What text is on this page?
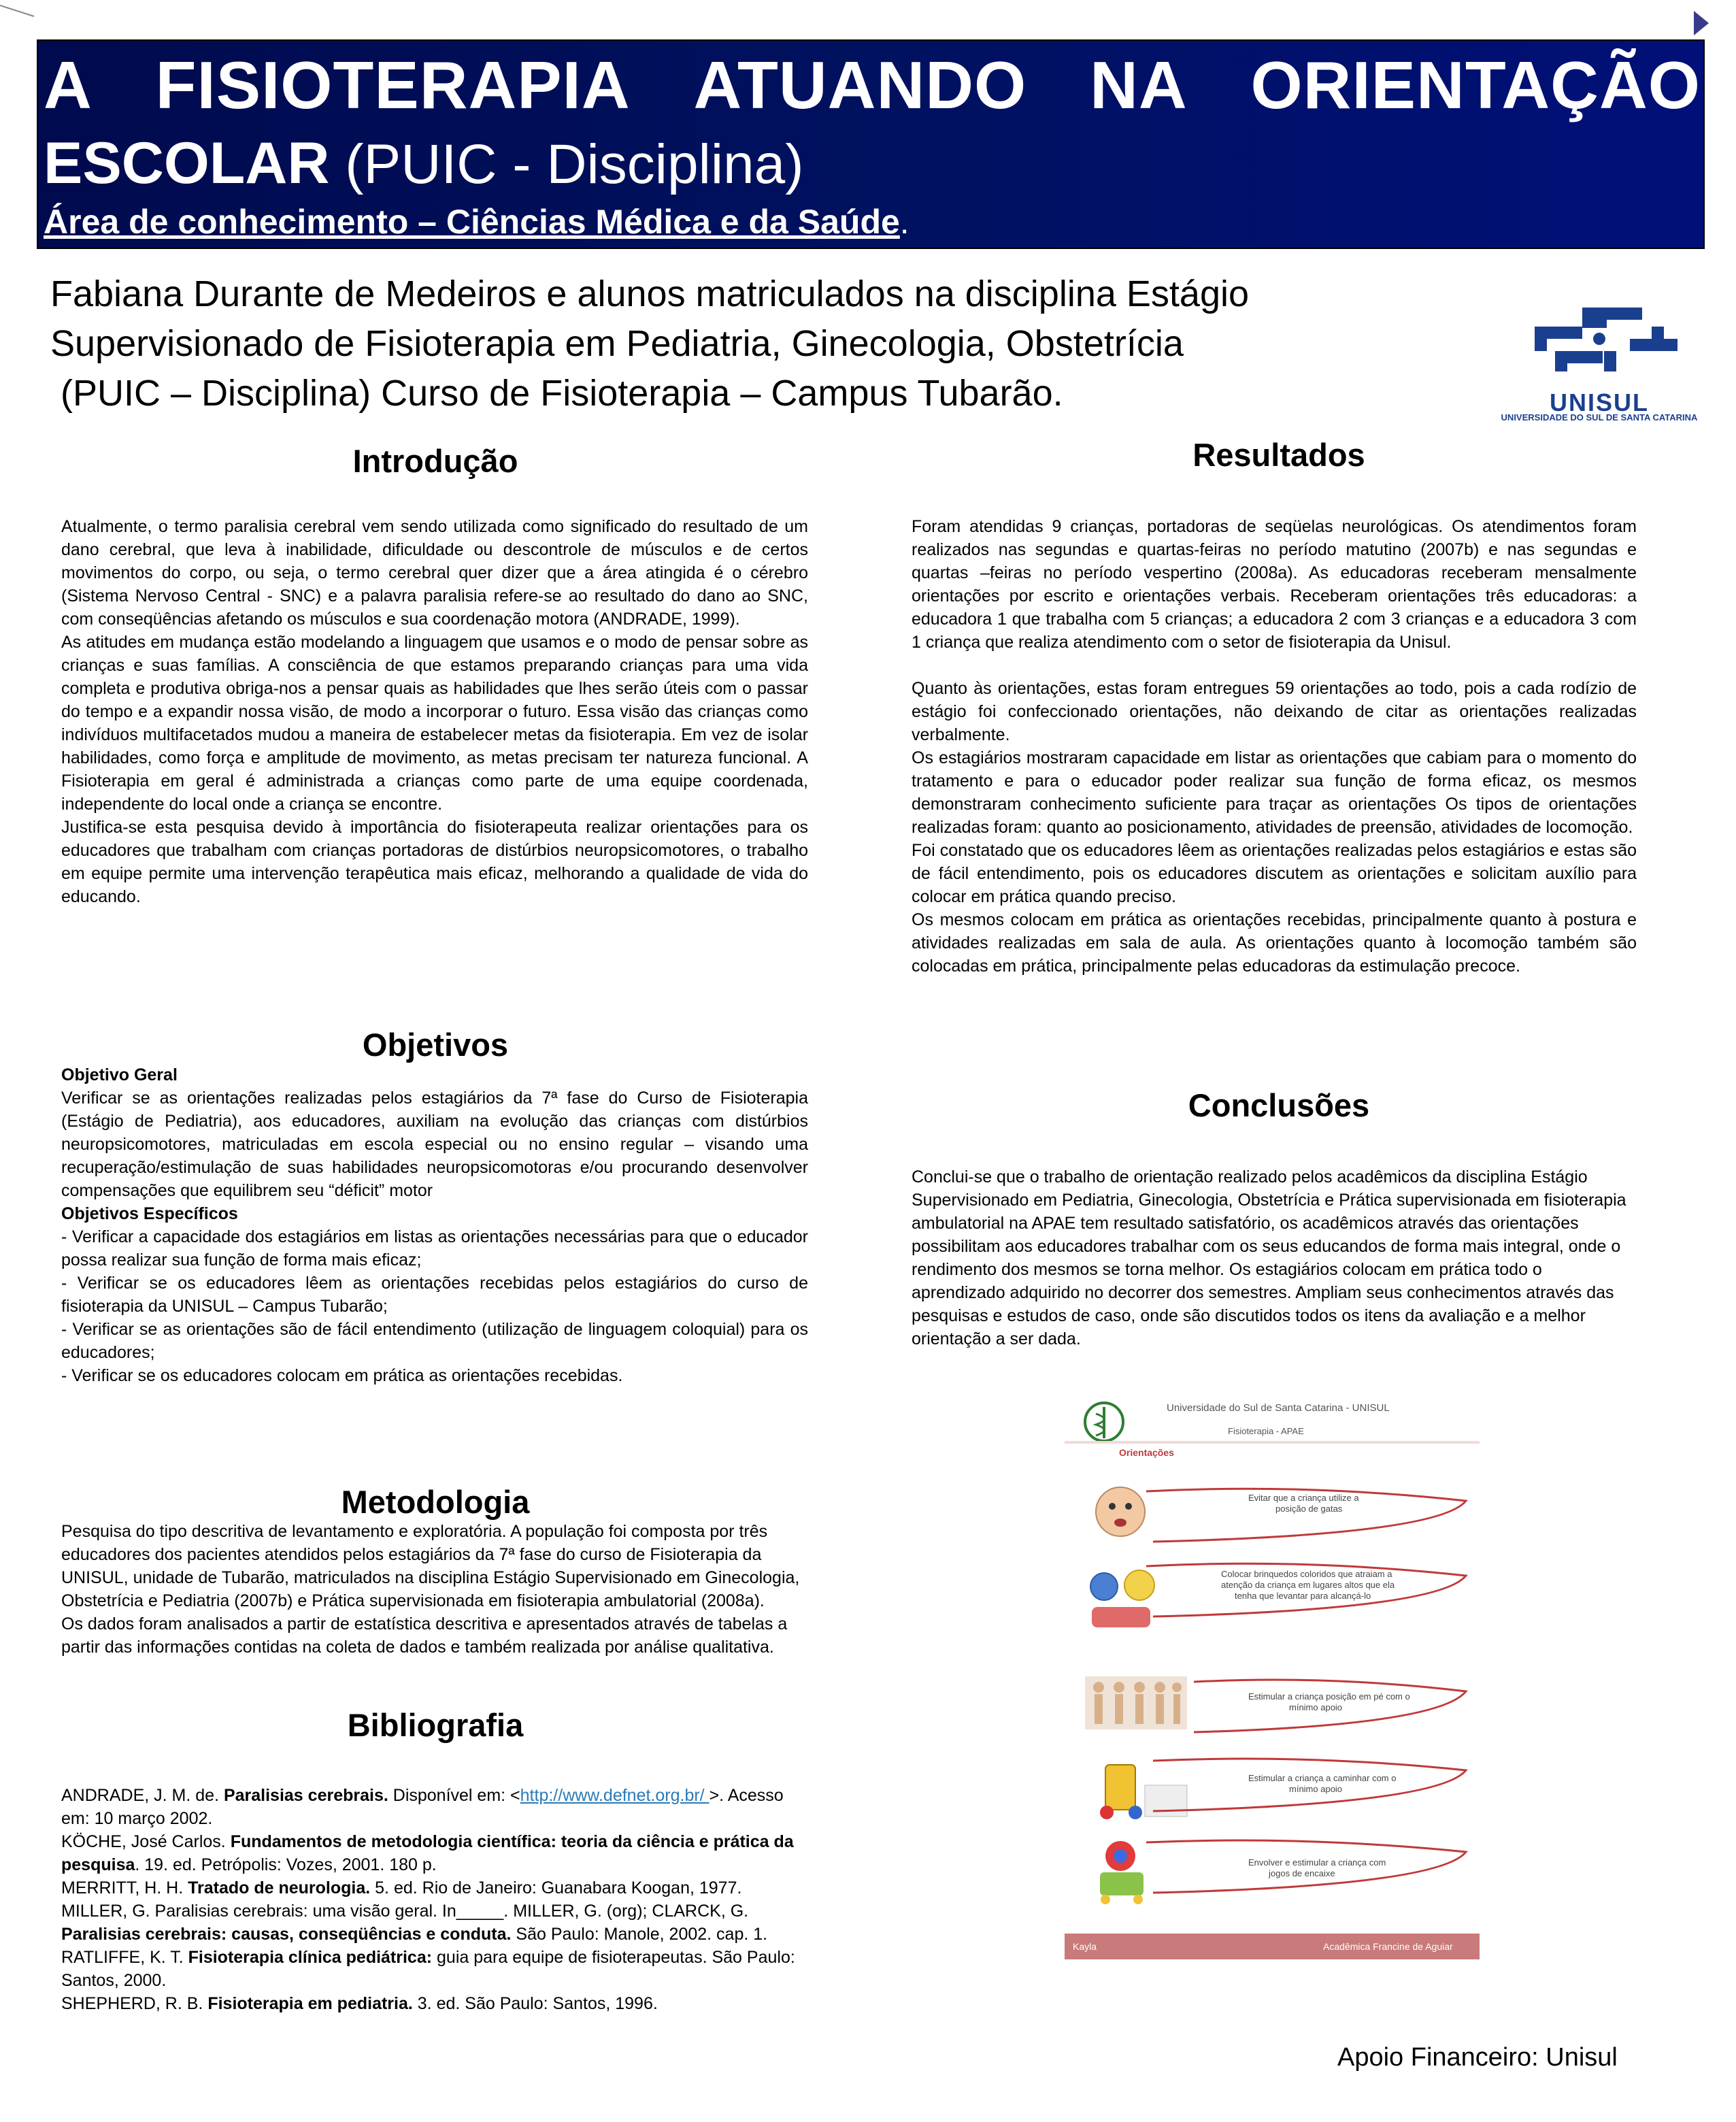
A FISIOTERAPIA ATUANDO NA ORIENTAÇÃO
ESCOLAR (PUIC - Disciplina)
Área de conhecimento – Ciências Médica e da Saúde.
Fabiana Durante de Medeiros e alunos matriculados na disciplina Estágio
Supervisionado de Fisioterapia em Pediatria, Ginecologia, Obstetrícia
(PUIC – Disciplina) Curso de Fisioterapia – Campus Tubarão.	UNISUL
UNIVERSIDADE DO SUL DE SANTA CATARINA
Introdução

Atualmente, o termo paralisia cerebral vem sendo utilizada como significado do resultado de um dano cerebral, que leva à inabilidade, dificuldade ou descontrole de músculos e de certos movimentos do corpo, ou seja, o termo cerebral quer dizer que a área atingida é o cérebro (Sistema Nervoso Central - SNC) e a palavra paralisia refere-se ao resultado do dano ao SNC, com conseqüências afetando os músculos e sua coordenação motora (ANDRADE, 1999).

As atitudes em mudança estão modelando a linguagem que usamos e o modo de pensar sobre as crianças e suas famílias. A consciência de que estamos preparando crianças para uma vida completa e produtiva obriga-nos a pensar quais as habilidades que lhes serão úteis com o passar do tempo e a expandir nossa visão, de modo a incorporar o futuro. Essa visão das crianças como indivíduos multifacetados mudou a maneira de estabelecer metas da fisioterapia. Em vez de isolar habilidades, como força e amplitude de movimento, as metas precisam ter natureza funcional. A Fisioterapia em geral é administrada a crianças como parte de uma equipe coordenada, independente do local onde a criança se encontre.

Justifica-se esta pesquisa devido à importância do fisioterapeuta realizar orientações para os educadores que trabalham com crianças portadoras de distúrbios neuropsicomotores, o trabalho em equipe permite uma intervenção terapêutica mais eficaz, melhorando a qualidade de vida do educando.

Objetivos

Objetivo Geral

Verificar se as orientações realizadas pelos estagiários da 7ª fase do Curso de Fisioterapia (Estágio de Pediatria), aos educadores, auxiliam na evolução das crianças com distúrbios neuropsicomotores, matriculadas em escola especial ou no ensino regular – visando uma recuperação/estimulação de suas habilidades neuropsicomotoras e/ou procurando desenvolver compensações que equilibrem seu “déficit” motor

Objetivos Específicos

- Verificar a capacidade dos estagiários em listas as orientações necessárias para que o educador possa realizar sua função de forma mais eficaz;

- Verificar se os educadores lêem as orientações recebidas pelos estagiários do curso de fisioterapia da UNISUL – Campus Tubarão;

- Verificar se as orientações são de fácil entendimento (utilização de linguagem coloquial) para os educadores;

- Verificar se os educadores colocam em prática as orientações recebidas.

Metodologia

Pesquisa do tipo descritiva de levantamento e exploratória. A população foi composta por três educadores dos pacientes atendidos pelos estagiários da 7ª fase do curso de Fisioterapia da UNISUL, unidade de Tubarão, matriculados na disciplina Estágio Supervisionado em Ginecologia, Obstetrícia e Pediatria (2007b) e Prática supervisionada em fisioterapia ambulatorial (2008a).

Os dados foram analisados a partir de estatística descritiva e apresentados através de tabelas a partir das informações contidas na coleta de dados e também realizada por análise qualitativa.

Bibliografia

ANDRADE, J. M. de. Paralisias cerebrais. Disponível em: <http://www.defnet.org.br/ >. Acesso em: 10 março 2002.

KÖCHE, José Carlos. Fundamentos de metodologia científica: teoria da ciência e prática da pesquisa. 19. ed. Petrópolis: Vozes, 2001. 180 p.

MERRITT, H. H. Tratado de neurologia. 5. ed. Rio de Janeiro: Guanabara Koogan, 1977.

MILLER, G. Paralisias cerebrais: uma visão geral. In_____. MILLER, G. (org); CLARCK, G. Paralisias cerebrais: causas, conseqüências e conduta. São Paulo: Manole, 2002. cap. 1.

RATLIFFE, K. T. Fisioterapia clínica pediátrica: guia para equipe de fisioterapeutas. São Paulo: Santos, 2000.

SHEPHERD, R. B. Fisioterapia em pediatria. 3. ed. São Paulo: Santos, 1996.

Resultados

Foram atendidas 9 crianças, portadoras de seqüelas neurológicas. Os atendimentos foram realizados nas segundas e quartas-feiras no período matutino (2007b) e nas segundas e quartas –feiras no período vespertino (2008a). As educadoras receberam mensalmente orientações por escrito e orientações verbais. Receberam orientações três educadoras: a educadora 1 que trabalha com 5 crianças; a educadora 2 com 3 crianças e a educadora 3 com 1 criança que realiza atendimento com o setor de fisioterapia da Unisul.

Quanto às orientações, estas foram entregues 59 orientações ao todo, pois a cada rodízio de estágio foi confeccionado orientações, não deixando de citar as orientações realizadas verbalmente.

Os estagiários mostraram capacidade em listar as orientações que cabiam para o momento do tratamento e para o educador poder realizar sua função de forma eficaz, os mesmos demonstraram conhecimento suficiente para traçar as orientações Os tipos de orientações realizadas foram: quanto ao posicionamento, atividades de preensão, atividades de locomoção.

Foi constatado que os educadores lêem as orientações realizadas pelos estagiários e estas são de fácil entendimento, pois os educadores discutem as orientações e solicitam auxílio para colocar em prática quando preciso.

Os mesmos colocam em prática as orientações recebidas, principalmente quanto à postura e atividades realizadas em sala de aula. As orientações quanto à locomoção também são colocadas em prática, principalmente pelas educadoras da estimulação precoce.

Conclusões

Conclui-se que o trabalho de orientação realizado pelos acadêmicos da disciplina Estágio Supervisionado em Pediatria, Ginecologia, Obstetrícia e Prática supervisionada em fisioterapia ambulatorial na APAE tem resultado satisfatório, os acadêmicos através das orientações possibilitam aos educadores trabalhar com os seus educandos de forma mais integral, onde o rendimento dos mesmos se torna melhor. Os estagiários colocam em prática todo o aprendizado adquirido no decorrer dos semestres. Ampliam seus conhecimentos através das pesquisas e estudos de caso, onde são discutidos todos os itens da avaliação e a melhor orientação a ser dada.

Universidade do Sul de Santa Catarina - UNISUL
Fisioterapia - APAE
Orientações
Evitar que a criança utilize a
posição de gatas
Colocar brinquedos coloridos que atraiam a
atenção da criança em lugares altos que ela
tenha que levantar para alcançá-lo
Estimular a criança posição em pé com o
mínimo apoio
Estimular a criança a caminhar com o
mínimo apoio
Envolver e estimular a criança com
jogos de encaixe
Kayla	Acadêmica Francine de Aguiar
Apoio Financeiro: Unisul
